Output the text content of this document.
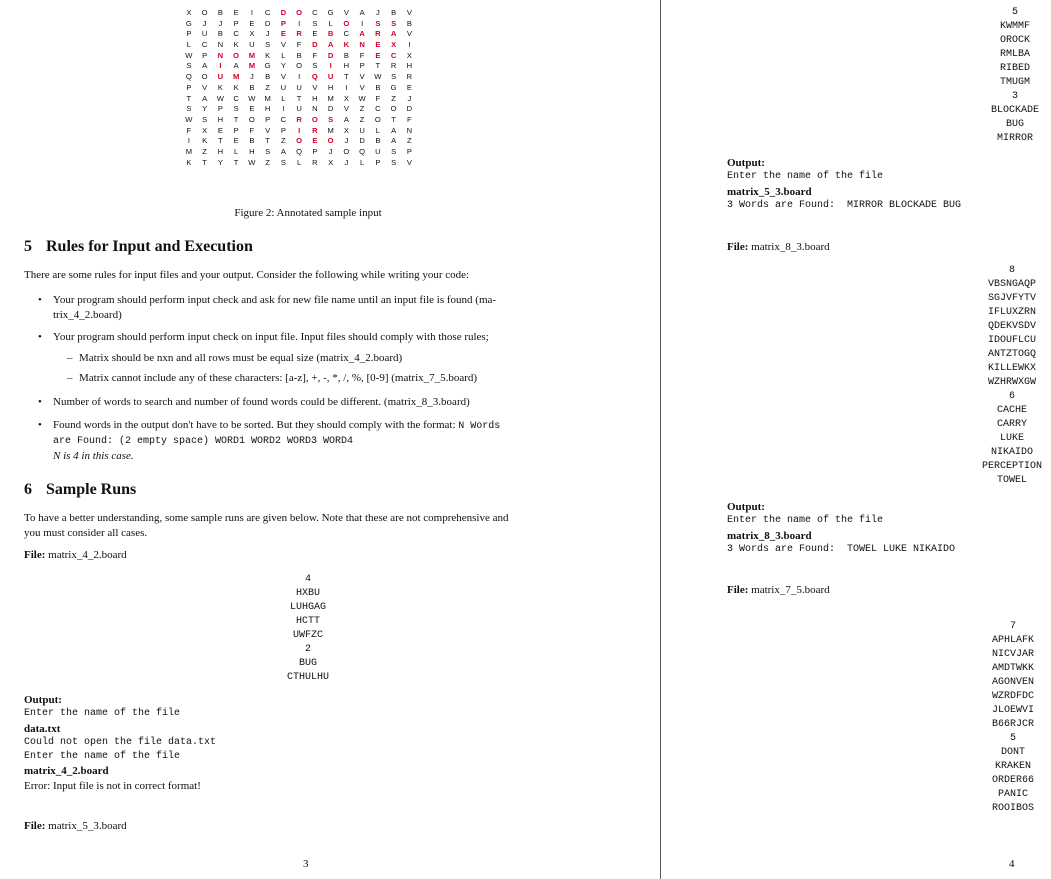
X	O	B	E	I	C	D	O	C	G	V	A	J	B	V
G	J	J	P	E	D	P	I	S	L	O	I	S	S	B
P	U	B	C	X	J	E	R	E	B	C	A	R	A	V
L	C	N	K	U	S	V	F	D	A	K	N	E	X	I
W	P	N	O	M	K	L	B	F	D	B	F	E	C	X
S	A	I	A	M	G	Y	O	S	I	H	P	T	R	H
Q	O	U	M	J	B	V	I	Q	U	T	V	W	S	R
P	V	K	K	B	Z	U	U	V	H	I	V	B	G	E
T	A	W	C	W	M	L	T	H	M	X	W	F	Z	J
S	Y	P	S	E	H	I	U	N	D	V	Z	C	O	D
W	S	H	T	O	P	C	R	O	S	A	Z	O	T	F
F	X	E	P	F	V	P	I	R	M	X	U	L	A	N
I	K	T	E	B	T	Z	O	E	O	J	D	B	A	Z
M	Z	H	L	H	S	A	Q	P	J	O	Q	U	S	P
K	T	Y	T	W	Z	S	L	R	X	J	L	P	S	V
Figure 2: Annotated sample input
5 Rules for Input and Execution
There are some rules for input files and your output. Consider the following while writing your code:
• Your program should perform input check and ask for new file name until an input file is found (ma-
trix_4_2.board)
• Your program should perform input check on input file. Input files should comply with those rules;
– Matrix should be nxn and all rows must be equal size (matrix_4_2.board)
– Matrix cannot include any of these characters: [a-z], +, -, *, /, %, [0-9] (matrix_7_5.board)
• Number of words to search and number of found words could be different. (matrix_8_3.board)
• Found words in the output don't have to be sorted. But they should comply with the format: N Words
are Found: (2 empty space) WORD1 WORD2 WORD3 WORD4
N is 4 in this case.
6 Sample Runs
To have a better understanding, some sample runs are given below. Note that these are not comprehensive and
you must consider all cases.
File: matrix_4_2.board
4
HXBU
LUHGAG
HCTT
UWFZC
2
BUG
CTHULHU
Output:
Enter the name of the file
data.txt
Could not open the file data.txt
Enter the name of the file
matrix_4_2.board
Error: Input file is not in correct format!
File: matrix_5_3.board
3
5
KWMMF
OROCK
RMLBA
RIBED
TMUGM
3
BLOCKADE
BUG
MIRROR
Output:
Enter the name of the file
matrix_5_3.board
3 Words are Found:  MIRROR BLOCKADE BUG
File: matrix_8_3.board
8
VBSNGAQP
SGJVFYTV
IFLUXZRN
QDEKVSDV
IDOUFLCU
ANTZTOGQ
KILLEWKX
WZHRWXGW
6
CACHE
CARRY
LUKE
NIKAIDO
PERCEPTION
TOWEL
Output:
Enter the name of the file
matrix_8_3.board
3 Words are Found:  TOWEL LUKE NIKAIDO
File: matrix_7_5.board
7
APHLAFK
NICVJAR
AMDTWKK
AGONVEN
WZRDFDC
JLOEWVI
B66RJCR
5
DONT
KRAKEN
ORDER66
PANIC
ROOIBOS
4
